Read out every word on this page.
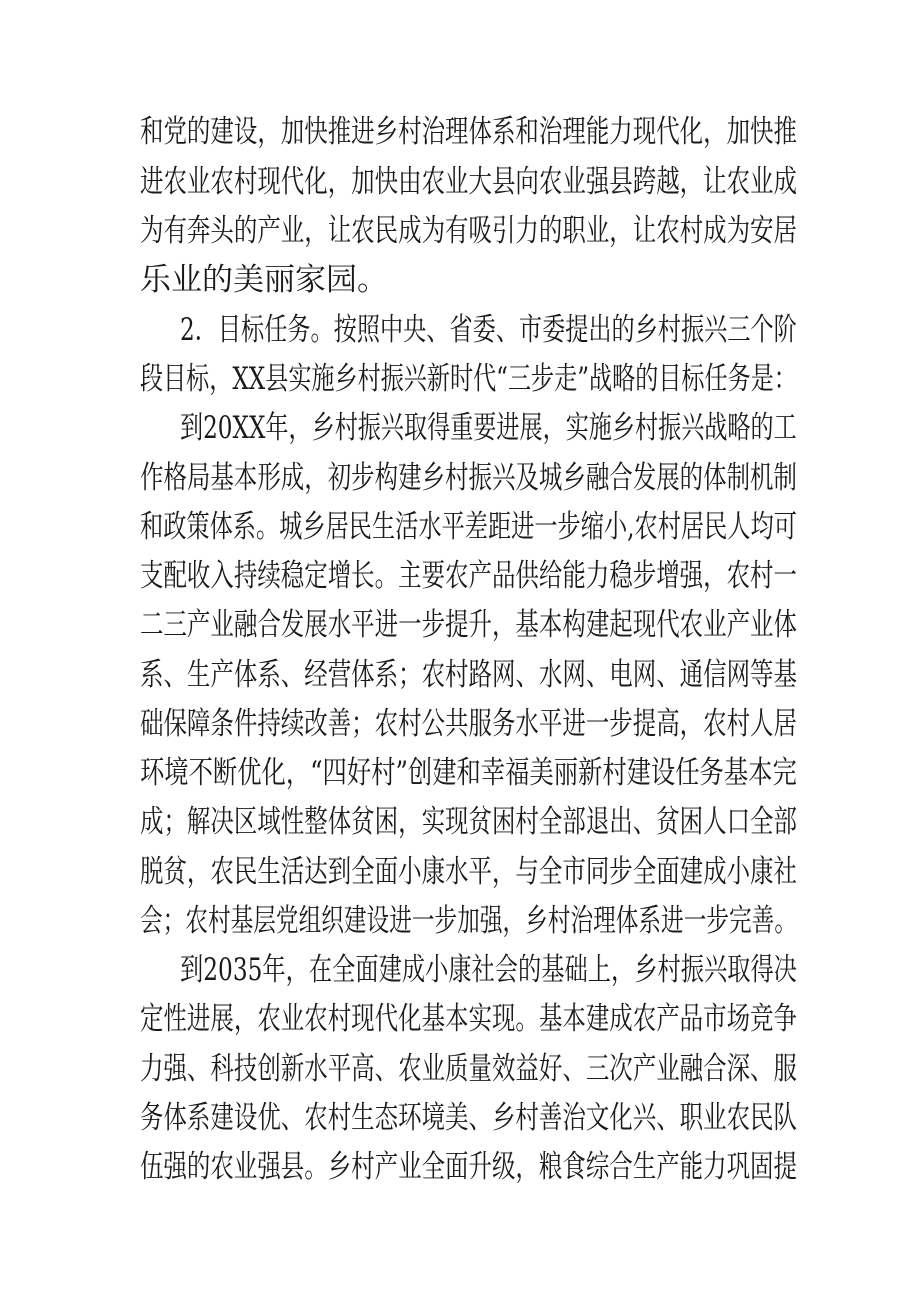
和党的建设，加快推进乡村治理体系和治理能力现代化，加快推
进农业农村现代化，加快由农业大县向农业强县跨越，让农业成
为有奔头的产业，让农民成为有吸引力的职业，让农村成为安居
乐业的美丽家园。
2．目标任务。按照中央、省委、市委提出的乡村振兴三个阶
段目标，XX县实施乡村振兴新时代“三步走”战略的目标任务是：
到20XX年，乡村振兴取得重要进展，实施乡村振兴战略的工
作格局基本形成，初步构建乡村振兴及城乡融合发展的体制机制
和政策体系。城乡居民生活水平差距进一步缩小,农村居民人均可
支配收入持续稳定增长。主要农产品供给能力稳步增强，农村一
二三产业融合发展水平进一步提升，基本构建起现代农业产业体
系、生产体系、经营体系；农村路网、水网、电网、通信网等基
础保障条件持续改善；农村公共服务水平进一步提高，农村人居
环境不断优化，“四好村”创建和幸福美丽新村建设任务基本完
成；解决区域性整体贫困，实现贫困村全部退出、贫困人口全部
脱贫，农民生活达到全面小康水平，与全市同步全面建成小康社
会；农村基层党组织建设进一步加强，乡村治理体系进一步完善。
到2035年，在全面建成小康社会的基础上，乡村振兴取得决
定性进展，农业农村现代化基本实现。基本建成农产品市场竞争
力强、科技创新水平高、农业质量效益好、三次产业融合深、服
务体系建设优、农村生态环境美、乡村善治文化兴、职业农民队
伍强的农业强县。乡村产业全面升级，粮食综合生产能力巩固提
